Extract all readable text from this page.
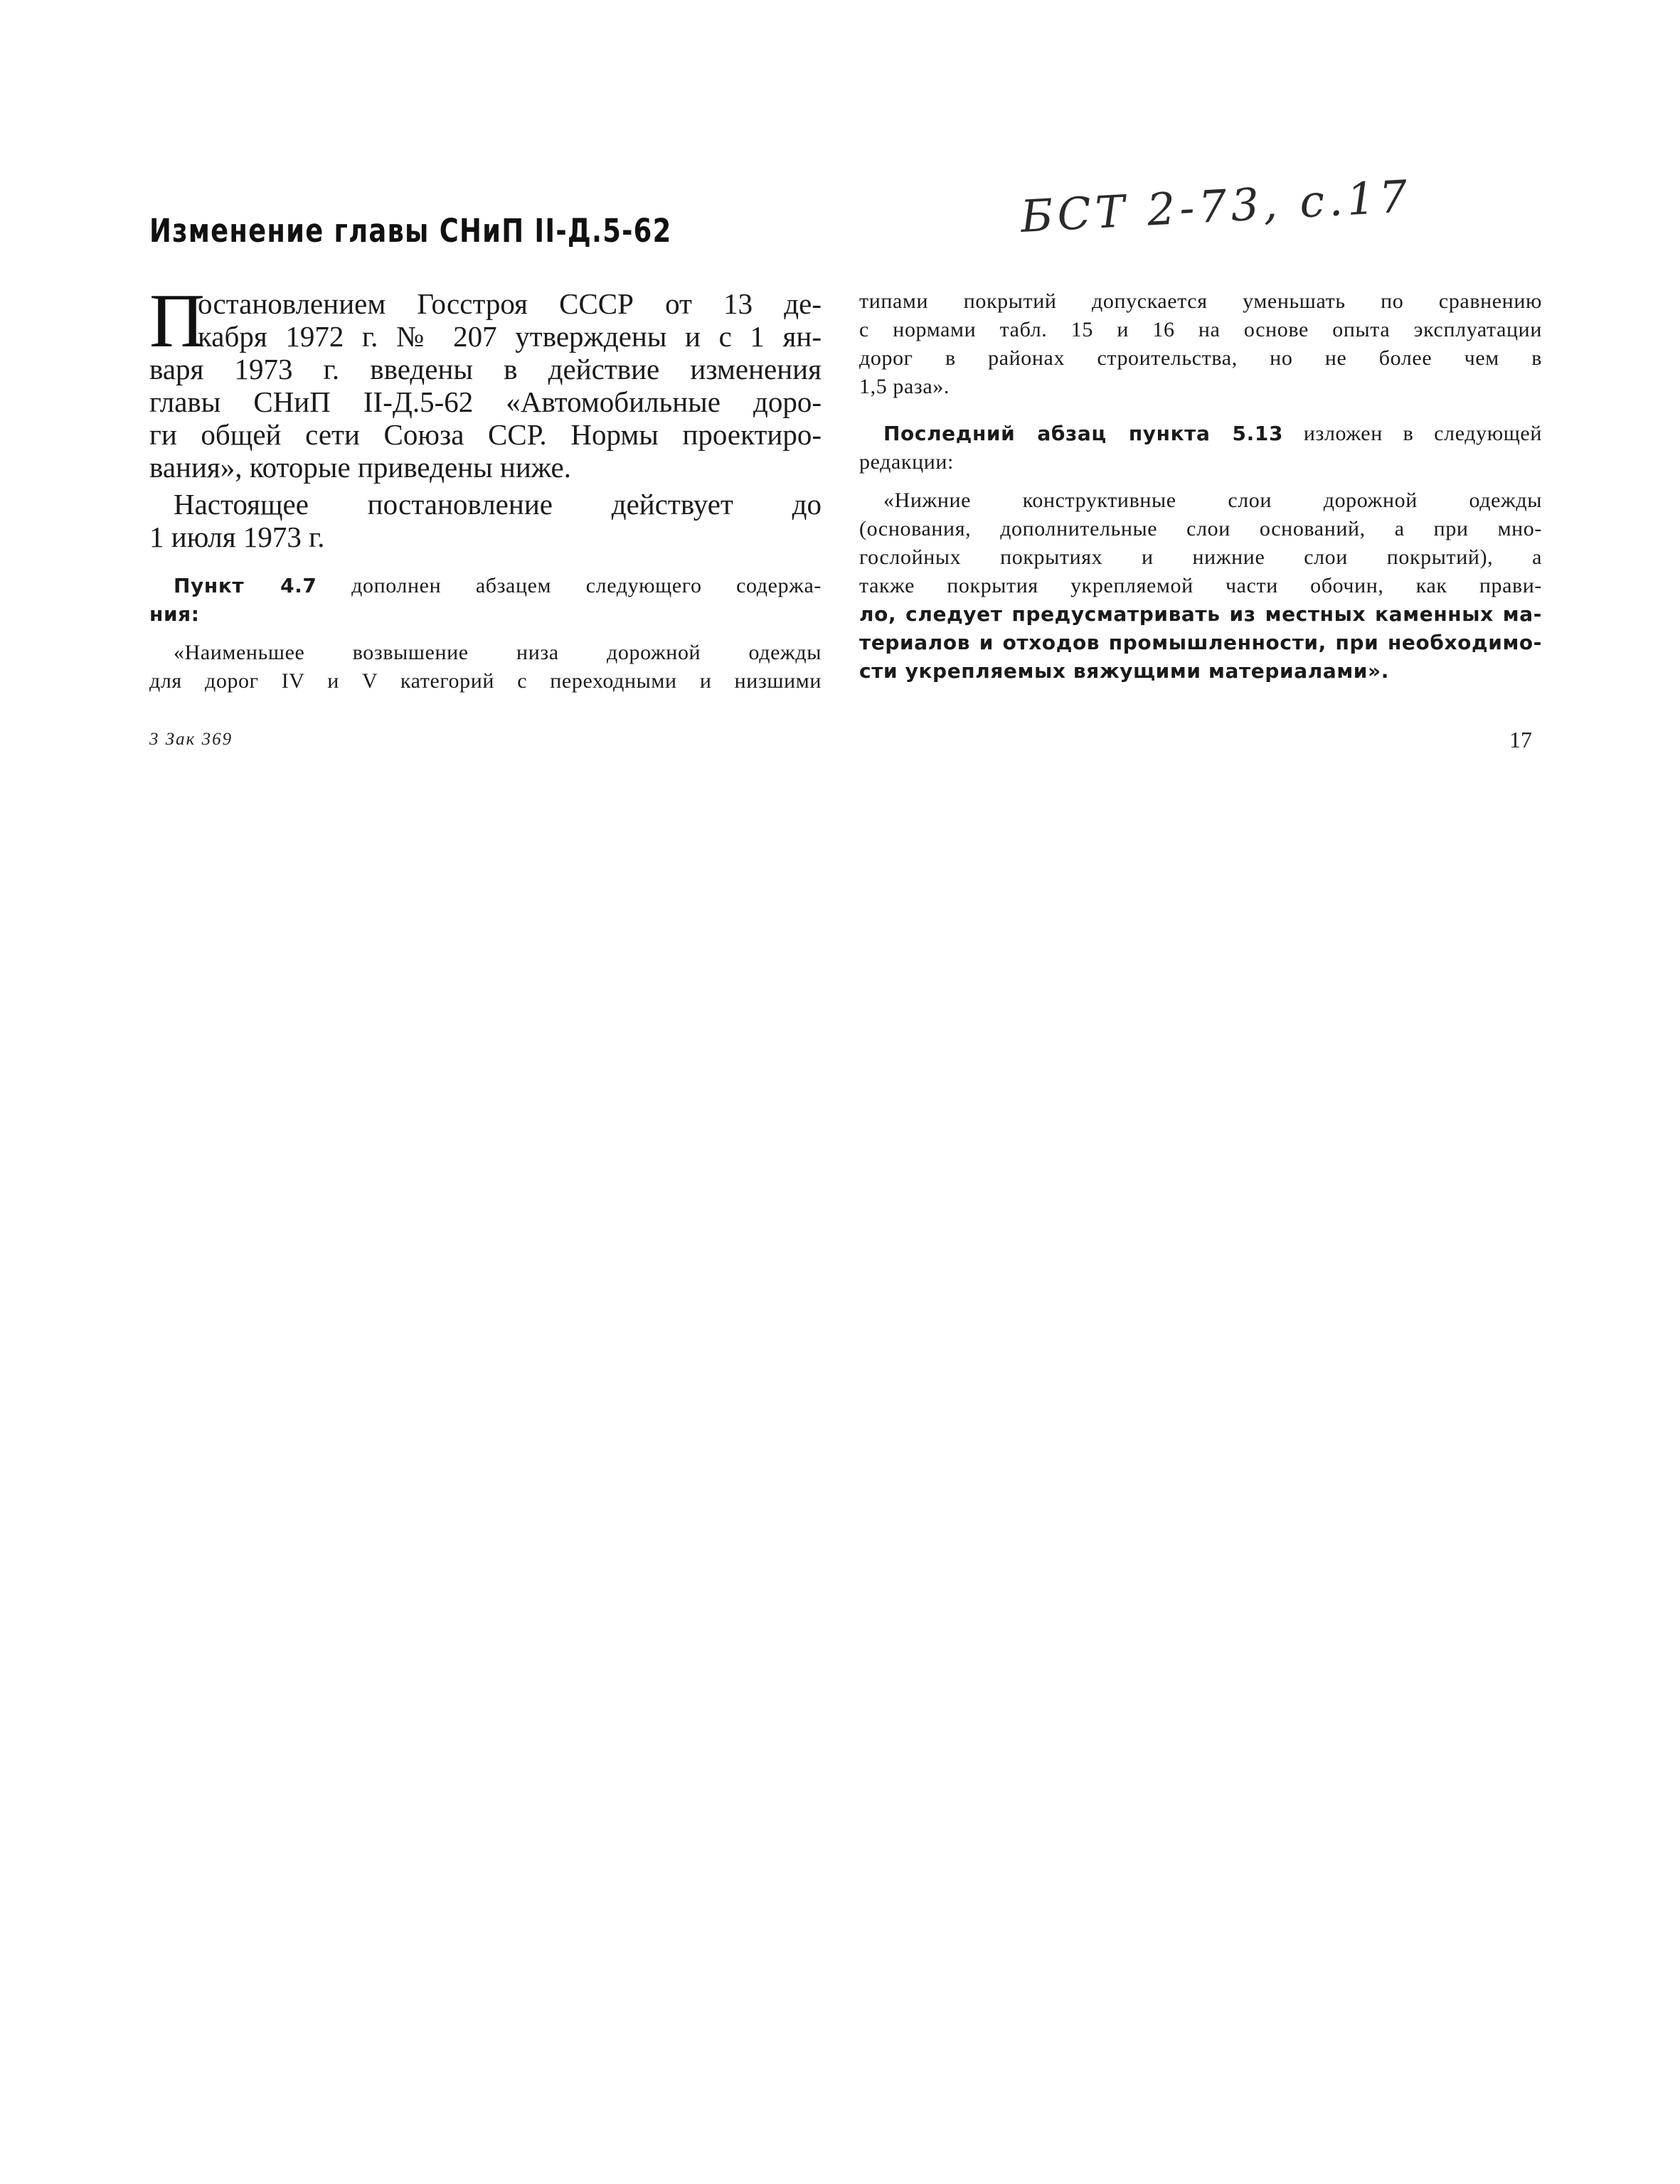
Изменение главы СНиП II-Д.5-62	БСТ 2-73, с.17
П
остановлением Госстроя СССР от 13 де-
кабря 1972 г. № 207 утверждены и с 1 ян-
варя 1973 г. введены в действие изменения
главы СНиП II-Д.5-62 «Автомобильные доро-
ги общей сети Союза ССР. Нормы проектиро-
вания», которые приведены ниже.
Настоящее постановление действует до
1 июля 1973 г.
Пункт 4.7 дополнен абзацем следующего содержа-
ния:
«Наименьшее возвышение низа дорожной одежды
для дорог IV и V категорий с переходными и низшими
типами покрытий допускается уменьшать по сравнению
с нормами табл. 15 и 16 на основе опыта эксплуатации
дорог в районах строительства, но не более чем в
1,5 раза».
Последний абзац пункта 5.13 изложен в следующей
редакции:
«Нижние конструктивные слои дорожной одежды
(основания, дополнительные слои оснований, а при мно-
гослойных покрытиях и нижние слои покрытий), а
также покрытия укрепляемой части обочин, как прави-
ло, следует предусматривать из местных каменных ма-
териалов и отходов промышленности, при необходимо-
сти укрепляемых вяжущими материалами».
3 Зак 369	17
